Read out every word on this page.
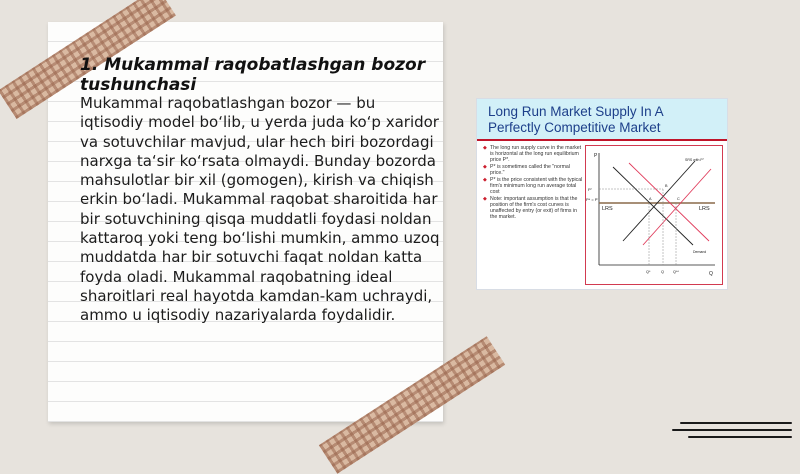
1. Mukammal raqobatlashgan bozor tushunchasi

Mukammal raqobatlashgan bozor — bu iqtisodiy model bo‘lib, u yerda juda ko‘p xaridor va sotuvchilar mavjud, ular hech biri bozordagi narxga ta‘sir ko‘rsata olmaydi. Bunday bozorda mahsulotlar bir xil (gomogen), kirish va chiqish erkin bo‘ladi. Mukammal raqobat sharoitida har bir sotuvchining qisqa muddatli foydasi noldan kattaroq yoki teng bo‘lishi mumkin, ammo uzoq muddatda har bir sotuvchi faqat noldan katta foyda oladi. Mukammal raqobatning ideal sharoitlari real hayotda kamdan-kam uchraydi, ammo u iqtisodiy nazariyalarda foydalidir.

Long Run Market Supply In A Perfectly Competitive Market
◆ The long run supply curve in the market is horizontal at the long run equilibrium price P*.
◆ P* is sometimes called the "normal price."
◆ P* is the price consistent with the typical firm's minimum long run average total cost
◆ Note: important assumption is that the position of the firm's cost curves is unaffected by entry (or exit) of firms in the market.
P
Q
P''
P* = P'
LRS	LRS
SRS with P''
Demand
Q*	Q Q**
A
B
C
